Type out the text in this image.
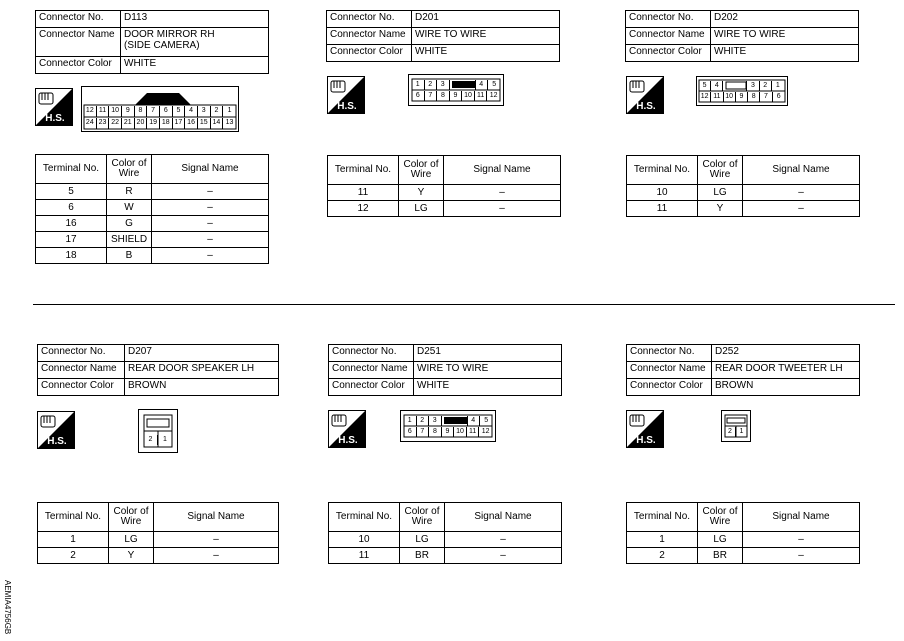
Connector No.	D113
Connector Name	DOOR MIRROR RH
(SIDE CAMERA)

Connector Color	WHITE
H.S.
12 11 10 9	8	7	6	5	4	3	2	1
24 23 22 21 20 19 18 17 16 15 14 13
Terminal No.	Color of
Wire	Signal Name
5	R	–
6	W	–
16	G	–
17	SHIELD	–
18	B	–
Connector No.	D201
Connector Name	WIRE TO WIRE
Connector Color	WHITE
H.S.
1	2	3	4	5
6	7	8	9 10 11 12
Terminal No.	Color of
Wire	Signal Name
11	Y	–
12	LG	–
Connector No.	D202
Connector Name	WIRE TO WIRE
Connector Color	WHITE
H.S.
5	4	3	2	1
12 11 10 9	8	7	6
Terminal No.	Color of
Wire	Signal Name
10	LG	–
11	Y	–
Connector No.	D207
Connector Name	REAR DOOR SPEAKER LH
Connector Color	BROWN
H.S.	2	1
Terminal No.	Color of
Wire	Signal Name
1	LG	–
2	Y	–
Connector No.	D251
Connector Name	WIRE TO WIRE
Connector Color	WHITE
H.S.
1	2	3	4	5
6	7	8	9 10 11 12
Terminal No.	Color of
Wire	Signal Name
10	LG	–
11	BR	–
Connector No.	D252
Connector Name	REAR DOOR TWEETER LH
Connector Color	BROWN
H.S.
2	1
Terminal No.	Color of
Wire	Signal Name
1	LG	–
2	BR	–
AEMIA4756GB
